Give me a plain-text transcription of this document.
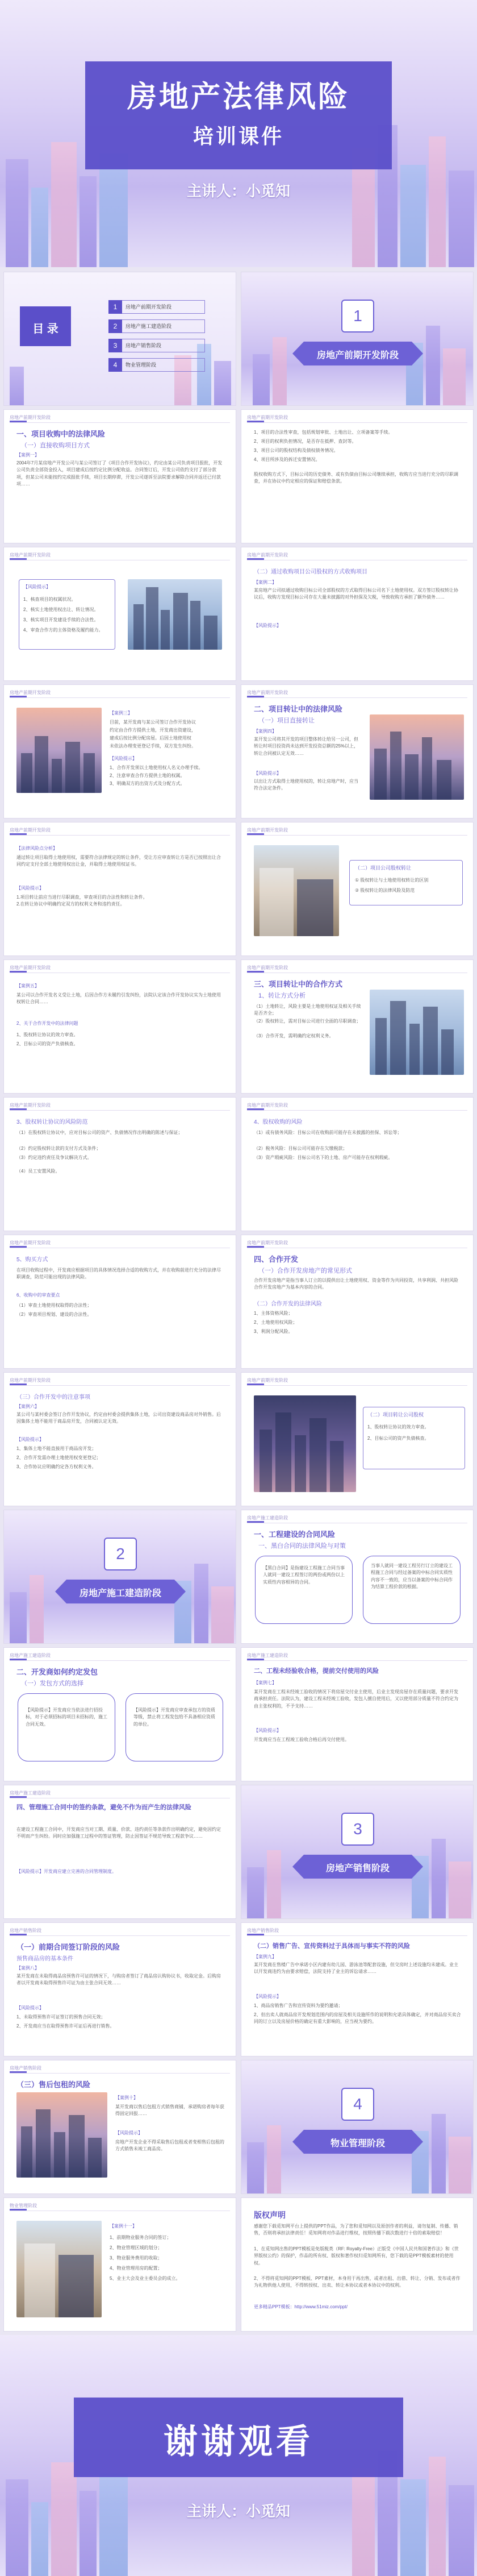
房地产法律风险
培训课件
主讲人：小觅知
目 录
1	房地产前期开发阶段
2	房地产施工建造阶段
3	房地产销售阶段
4	物业管理阶段
1
房地产前期开发阶段
房地产前期开发阶段
一、项目收购中的法律风险
（一）直接收购项目方式
【案例一】
2004年7月某房地产开发公司与某公司签订了《项目合作开发协议》，约定由某公司负责项目报批，开发公司负责全部资金投入，项目建成后按约定比例分配收益。合同签订后，开发公司依约支付了部分款项，但某公司未能按约完成报批手续，项目长期停滞，开发公司遂诉至法院要求解除合同并返还已付款项……
房地产前期开发阶段
1、项目的合法性审查，包括规划审批、土地出让、立项备案等手续。
2、项目的权利负担情况，是否存在抵押、查封等。
3、项目公司的股权结构及债权债务情况。
4、项目所涉及的拆迁安置情况。
股权收购方式下，目标公司的历史债务、或有负债由目标公司继续承担，收购方应当进行充分的尽职调查，并在协议中约定相应的保证和赔偿条款。
房地产前期开发阶段
【风险提示】
1、核查项目的权属状况。
2、核实土地使用权出让、转让情况。
3、核实项目开发建设手续的合法性。
4、审查合作方的主体资格及履约能力。
房地产前期开发阶段
（二）通过收购项目公司股权的方式收购项目
【案例二】
某房地产公司拟通过收购目标公司全部股权的方式取得目标公司名下土地使用权。双方签订股权转让协议后，收购方发现目标公司存在大量未披露的对外担保及欠税，导致收购方承担了额外债务……
【风险提示】
房地产前期开发阶段
【案例三】
目前，某开发商与某公司签订合作开发协议
约定由合作方提供土地，开发商出资建设，
建成后按比例分配房屋。后因土地使用权
未依法办理变更登记手续，双方发生纠纷。
【风险提示】
1、合作开发须以土地使用权人名义办理手续。
2、注意审查合作方提供土地的权属。
3、明确双方的出资方式及分配方式。
房地产前期开发阶段
二、项目转让中的法律风险
（一）项目直接转让
【案例四】
某开发公司将其开发的项目整体转让给另一公司，但转让时项目投资尚未达到开发投资总额的25%以上，转让合同被认定无效……
【风险提示】
以出让方式取得土地使用权的，转让房地产时，应当符合法定条件。
房地产前期开发阶段
【法律风险点分析】
通过转让项目取得土地使用权，需要符合法律规定的转让条件，受让方应审查转让方是否已按照出让合同约定支付全部土地使用权出让金，并取得土地使用权证书。
【风险提示】
1.项目转让前应当进行尽职调查，审查项目的合法性和转让条件。
2.在转让协议中明确约定双方的权利义务和违约责任。
房地产前期开发阶段
（二）项目公司股权转让
① 股权转让与土地使用权转让的区别
② 股权转让的法律风险及防范
房地产前期开发阶段
【案例五】
某公司以合作开发名义受让土地，后因合作方未履约引发纠纷，法院认定该合作开发协议实为土地使用权转让合同……
2、关于合作开发中的法律问题
1、股权转让协议的效力审查。
2、目标公司的资产负债核查。
房地产前期开发阶段
三、项目转让中的合作方式
1、转让方式分析
（1）土地转让，风险主要是土地使用权证及相关手续是否齐全；
（2）股权转让，需对目标公司进行全面的尽职调查；
（3）合作开发，需明确约定权利义务。
房地产前期开发阶段
3、股权转让协议的风险防范
（1）在股权转让协议中，应对目标公司的资产、负债情况作出明确的陈述与保证；
（2）约定股权转让款的支付方式及条件；
（3）约定违约责任及争议解决方式。
（4）员工安置风险。
房地产前期开发阶段
4、股权收购的风险
（1）或有债务风险：目标公司在收购前可能存在未披露的担保、诉讼等；
（2）税务风险：目标公司可能存在欠缴税款；
（3）资产瑕疵风险：目标公司名下的土地、房产可能存在权利瑕疵。
房地产前期开发阶段
5、购买方式
在项目收购过程中，开发商应根据项目的具体情况选择合适的收购方式，并在收购前进行充分的法律尽职调查，防范可能出现的法律风险。
6、收购中的审查要点
（1）审查土地使用权取得的合法性；
（2）审查项目规划、建设的合法性。
房地产前期开发阶段
四、合作开发
（一）合作开发房地产的常见形式
合作开发房地产是指当事人订立的以提供出让土地使用权、资金等作为共同投资，共享利润、共担风险合作开发房地产为基本内容的合同。
（二）合作开发的法律风险
1、主体资格风险；
2、土地使用权风险；
3、利润分配风险。
房地产前期开发阶段
（三）合作开发中的注意事项
【案例六】
某公司与某村委会签订合作开发协议，约定由村委会提供集体土地，公司出资建设商品房对外销售。后因集体土地不能用于商品房开发，合同被认定无效。
【风险提示】
1、集体土地不能直接用于商品房开发；
2、合作开发需办理土地使用权变更登记；
3、合作协议应明确约定各方权利义务。
房地产前期开发阶段
（二）项目转让公司股权
1、股权转让协议的效力审查。
2、目标公司的资产负债核查。
2
房地产施工建造阶段
房地产施工建造阶段
一、工程建设的合同风险
一、黑白合同的法律风险与对策
【黑白合同】是指建设工程施工合同当事人就同一建设工程签订的两份或两份以上实质性内容相异的合同。
当事人就同一建设工程另行订立的建设工程施工合同与经过备案的中标合同实质性内容不一致的，应当以备案的中标合同作为结算工程价款的根据。
房地产施工建造阶段
二、开发商如何约定发包
（一）发包方式的选择
【风险提示】开发商应当依法进行招投标，对于必须招标的项目未招标的，施工合同无效。
【风险提示】开发商应审查承包方的资质等级，禁止将工程发包给不具备相应资质的单位。
房地产施工建造阶段
二、工程未经验收合格，提前交付使用的风险
【案例七】
某开发商在工程未经竣工验收的情况下将房屋交付业主使用，后业主发现房屋存在质量问题，要求开发商承担责任。法院认为，建设工程未经竣工验收，发包人擅自使用后，又以使用部分质量不符合约定为由主张权利的，不予支持……
【风险提示】
开发商应当在工程竣工验收合格后再交付使用。
房地产施工建造阶段
四、管理施工合同中的签约条款，避免不作为而产生的法律风险
在建设工程施工合同中，开发商应当对工期、质量、价款、违约责任等条款作出明确约定，避免因约定不明而产生纠纷。同时应加强施工过程中的签证管理，防止因签证不规范导致工程款争议……
【风险提示】开发商应建立完善的合同管理制度。
3
房地产销售阶段
房地产销售阶段
（一）前期合同签订阶段的风险
预售商品房的基本条件
【案例八】
某开发商在未取得商品房预售许可证的情况下，与购房者签订了商品房认购协议书，收取定金。后购房者以开发商未取得预售许可证为由主张合同无效……
【风险提示】
1、未取得预售许可证签订的预售合同无效；
2、开发商应当在取得预售许可证后再进行销售。
房地产销售阶段
（二）销售广告、宣传资料过于具体而与事实不符的风险
【案例九】
某开发商在售楼广告中承诺小区内建有幼儿园、游泳池等配套设施，但交房时上述设施均未建成。业主以开发商违约为由要求赔偿，法院支持了业主的诉讼请求……
【风险提示】
1、商品房销售广告和宣传资料为要约邀请；
2、但出卖人就商品房开发规划范围内的房屋及相关设施所作的说明和允诺具体确定，并对商品房买卖合同的订立以及房屋价格的确定有重大影响的，应当视为要约。
房地产销售阶段
（三）售后包租的风险
【案例十】
某开发商以售后包租方式销售商铺，承诺购房者每年获得固定回报……
【风险提示】
房地产开发企业不得采取售后包租或者变相售后包租的方式销售未竣工商品房。
4
物业管理阶段
物业管理阶段
【案例十一】
1、前期物业服务合同的签订；
2、物业管理区域的划分；
3、物业服务费用的收取；
4、物业管理用房的配置；
5、业主大会及业主委员会的成立。
版权声明
感谢您下载觅知网平台上提供的PPT作品，为了您和觅知网以及原创作者的利益，请勿复制、传播、销售，否则将承担法律责任！觅知网将对作品进行维权，按照传播下载次数进行十倍的索取赔偿！
1、在觅知网出售的PPT模板是免版税类（RF: Royalty-Free）正版受《中国人民共和国著作法》和《世界版权公约》的保护，作品的所有权、版权和著作权归觅知网所有，您下载的是PPT模板素材的使用权。
2、不得将觅知网的PPT模板、PPT素材，本身用于再出售，或者出租、出借、转让、分销、发布或者作为礼物供他人使用，不得转授权、出卖、转让本协议或者本协议中的权利。
更多精品PPT模板：http://www.51miz.com/ppt/
谢谢观看
主讲人：小觅知
